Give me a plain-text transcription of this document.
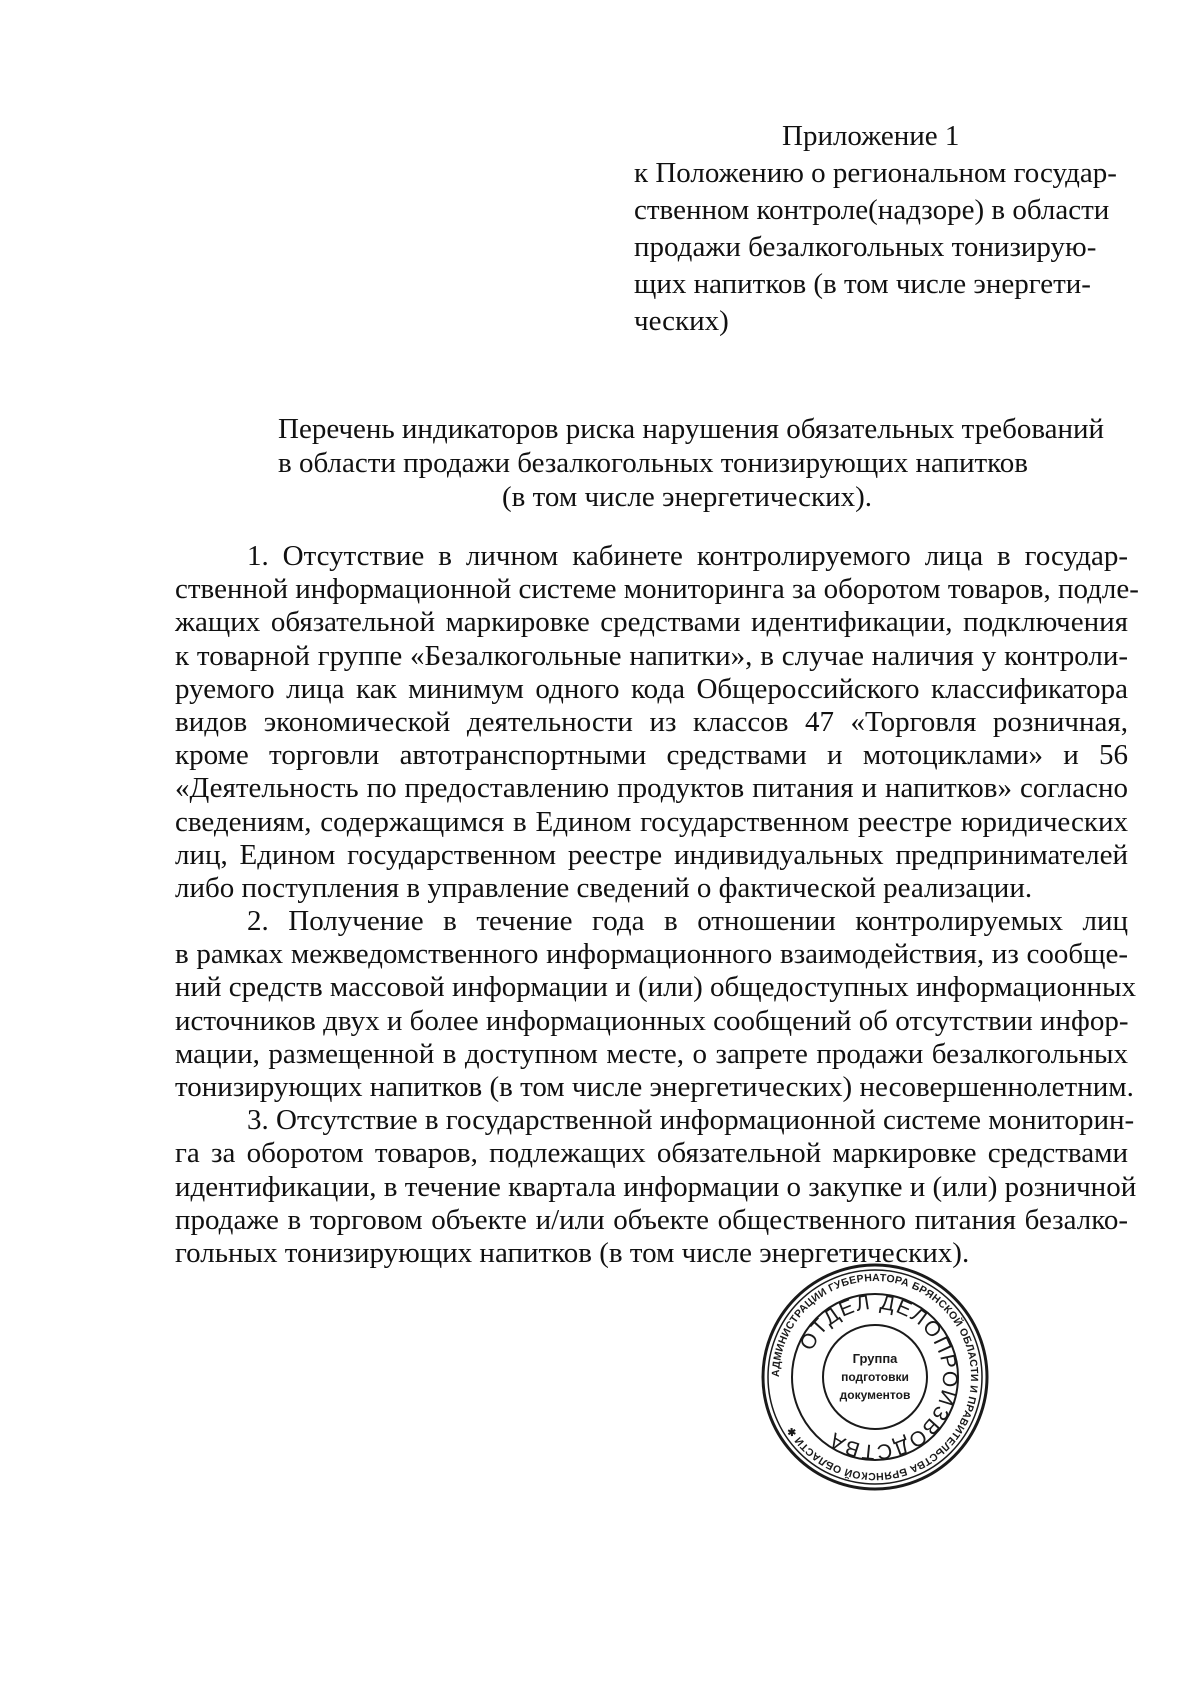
Приложение 1
к Положению о региональном государ-
ственном контроле(надзоре) в области
продажи безалкогольных тонизирую-
щих напитков (в том числе энергети-
ческих)
Перечень индикаторов риска нарушения обязательных требований
в области продажи безалкогольных тонизирующих напитков
(в том числе энергетических).
1. Отсутствие в личном кабинете контролируемого лица в государ-
ственной информационной системе мониторинга за оборотом товаров, подле-
жащих обязательной маркировке средствами идентификации, подключения
к товарной группе «Безалкогольные напитки», в случае наличия у контроли-
руемого лица как минимум одного кода Общероссийского классификатора
видов экономической деятельности из классов 47 «Торговля розничная,
кроме торговли автотранспортными средствами и мотоциклами» и 56
«Деятельность по предоставлению продуктов питания и напитков» согласно
сведениям, содержащимся в Едином государственном реестре юридических
лиц, Едином государственном реестре индивидуальных предпринимателей
либо поступления в управление сведений о фактической реализации.
2. Получение в течение года в отношении контролируемых лиц
в рамках межведомственного информационного взаимодействия, из сообще-
ний средств массовой информации и (или) общедоступных информационных
источников двух и более информационных сообщений об отсутствии инфор-
мации, размещенной в доступном месте, о запрете продажи безалкогольных
тонизирующих напитков (в том числе энергетических) несовершеннолетним.
3. Отсутствие в государственной информационной системе мониторин-
га за оборотом товаров, подлежащих обязательной маркировке средствами
идентификации, в течение квартала информации о закупке и (или) розничной
продаже в торговом объекте и/или объекте общественного питания безалко-
гольных тонизирующих напитков (в том числе энергетических).
АДМИНИСТРАЦИИ ГУБЕРНАТОРА БРЯНСКОЙ ОБЛАСТИ И ПРАВИТЕЛЬСТВА БРЯНСКОЙ ОБЛАСТИ ✱
ОТДЕЛ ДЕЛОПРОИЗВОДСТВА
Группа
подготовки
документов
